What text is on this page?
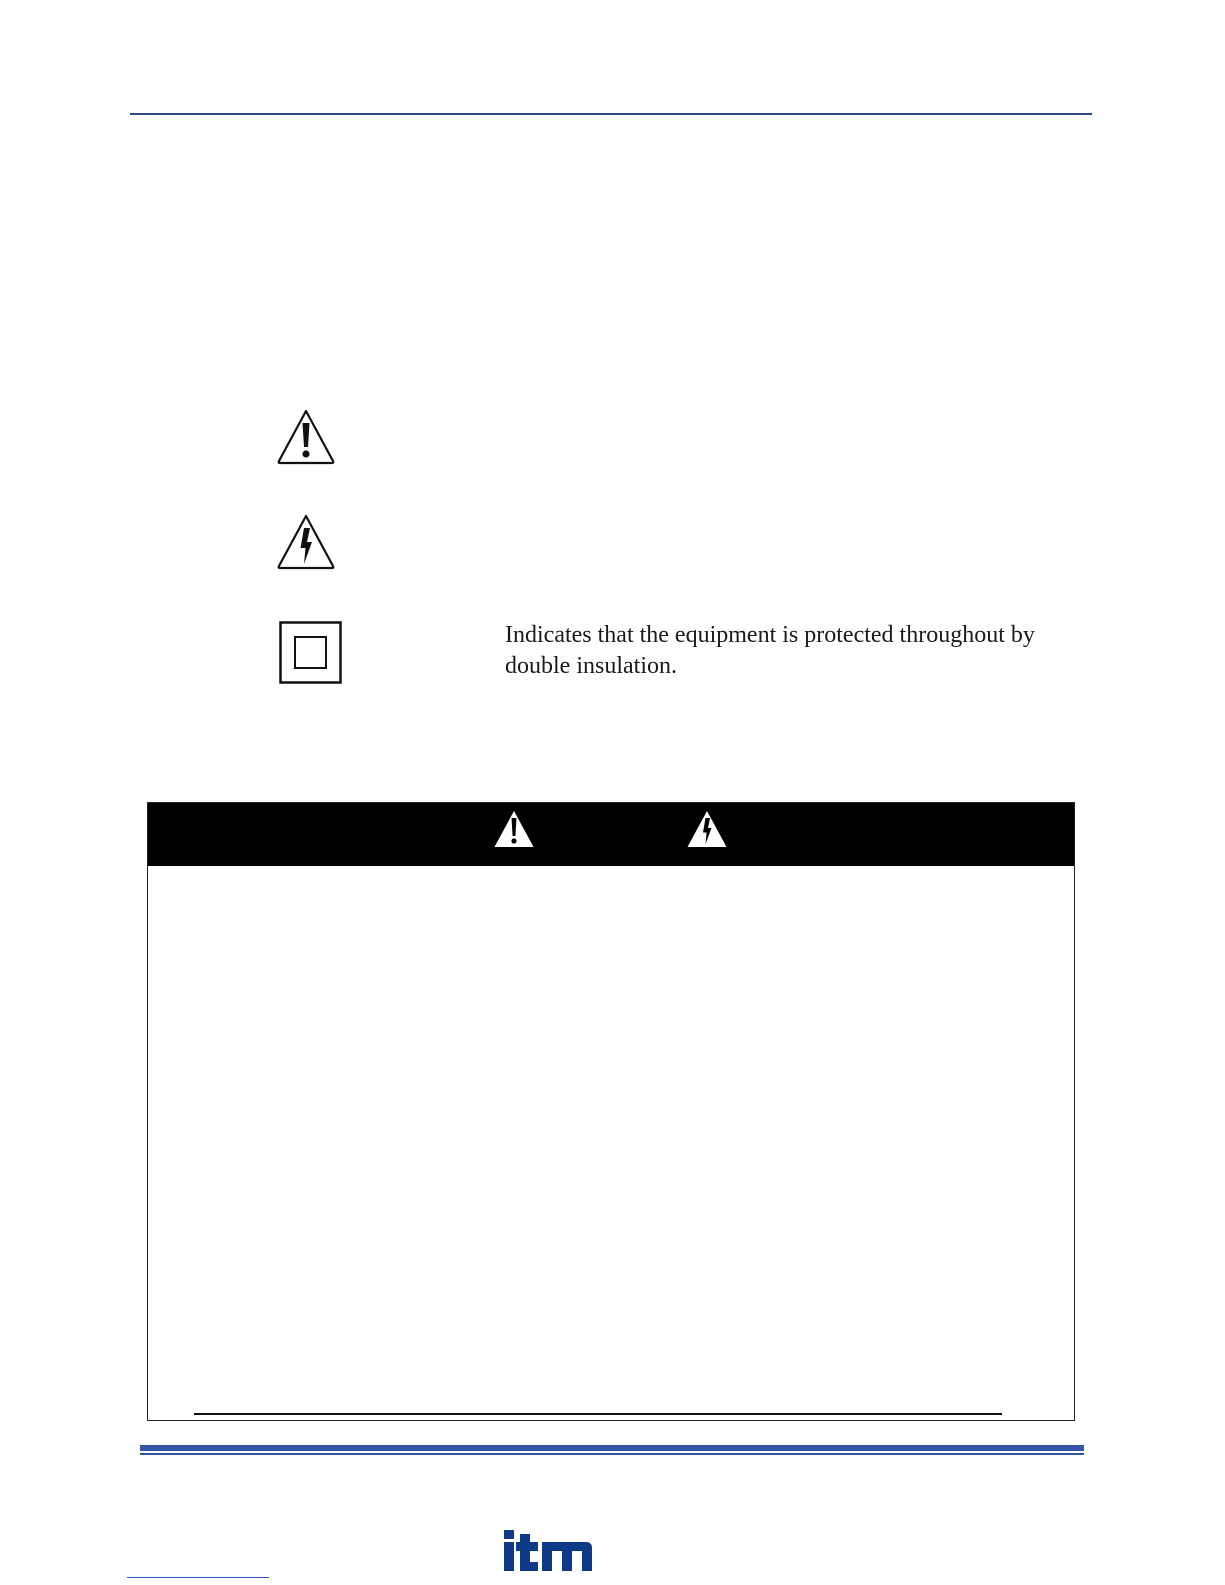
Indicates that the equipment is protected throughout by double insulation.
